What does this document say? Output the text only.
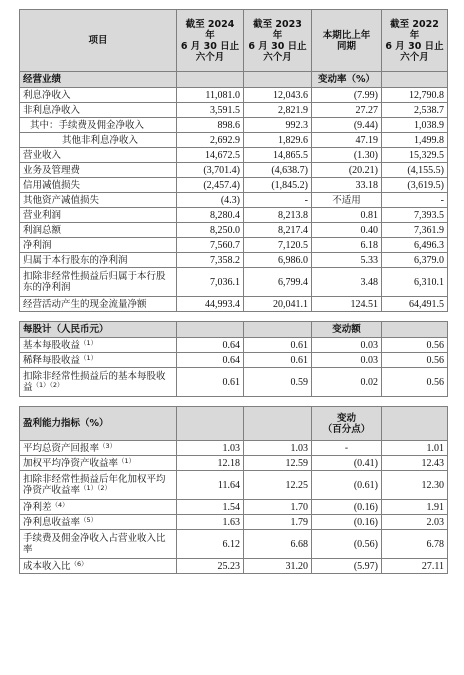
项目	截至 2024 年
6 月 30 日止
六个月	截至 2023 年
6 月 30 日止
六个月	本期比上年
同期	截至 2022 年
6 月 30 日止
六个月
经营业绩			变动率（%）	
利息净收入	11,081.0	12,043.6	(7.99)	12,790.8
非利息净收入	3,591.5	2,821.9	27.27	2,538.7
其中：手续费及佣金净收入	898.6	992.3	(9.44)	1,038.9
其他非利息净收入	2,692.9	1,829.6	47.19	1,499.8
营业收入	14,672.5	14,865.5	(1.30)	15,329.5
业务及管理费	(3,701.4)	(4,638.7)	(20.21)	(4,155.5)
信用减值损失	(2,457.4)	(1,845.2)	33.18	(3,619.5)
其他资产减值损失	(4.3)	-	不适用	-
营业利润	8,280.4	8,213.8	0.81	7,393.5
利润总额	8,250.0	8,217.4	0.40	7,361.9
净利润	7,560.7	7,120.5	6.18	6,496.3
归属于本行股东的净利润	7,358.2	6,986.0	5.33	6,379.0
扣除非经常性损益后归属于本行股东的净利润	7,036.1	6,799.4	3.48	6,310.1
经营活动产生的现金流量净额	44,993.4	20,041.1	124.51	64,491.5

每股计（人民币元）			变动额	
基本每股收益$^{(1)}$	0.64	0.61	0.03	0.56
稀释每股收益$^{(1)}$	0.64	0.61	0.03	0.56
扣除非经常性损益后的基本每股收益$^{(1)(2)}$	0.61	0.59	0.02	0.56

盈利能力指标（%）			变动
（百分点）	
平均总资产回报率$^{(3)}$	1.03	1.03	-	1.01
加权平均净资产收益率$^{(1)}$	12.18	12.59	(0.41)	12.43
扣除非经常性损益后年化加权平均净资产收益率$^{(1)(2)}$	11.64	12.25	(0.61)	12.30
净利差$^{(4)}$	1.54	1.70	(0.16)	1.91
净利息收益率$^{(5)}$	1.63	1.79	(0.16)	2.03
手续费及佣金净收入占营业收入比率	6.12	6.68	(0.56)	6.78
成本收入比$^{(6)}$	25.23	31.20	(5.97)	27.11
